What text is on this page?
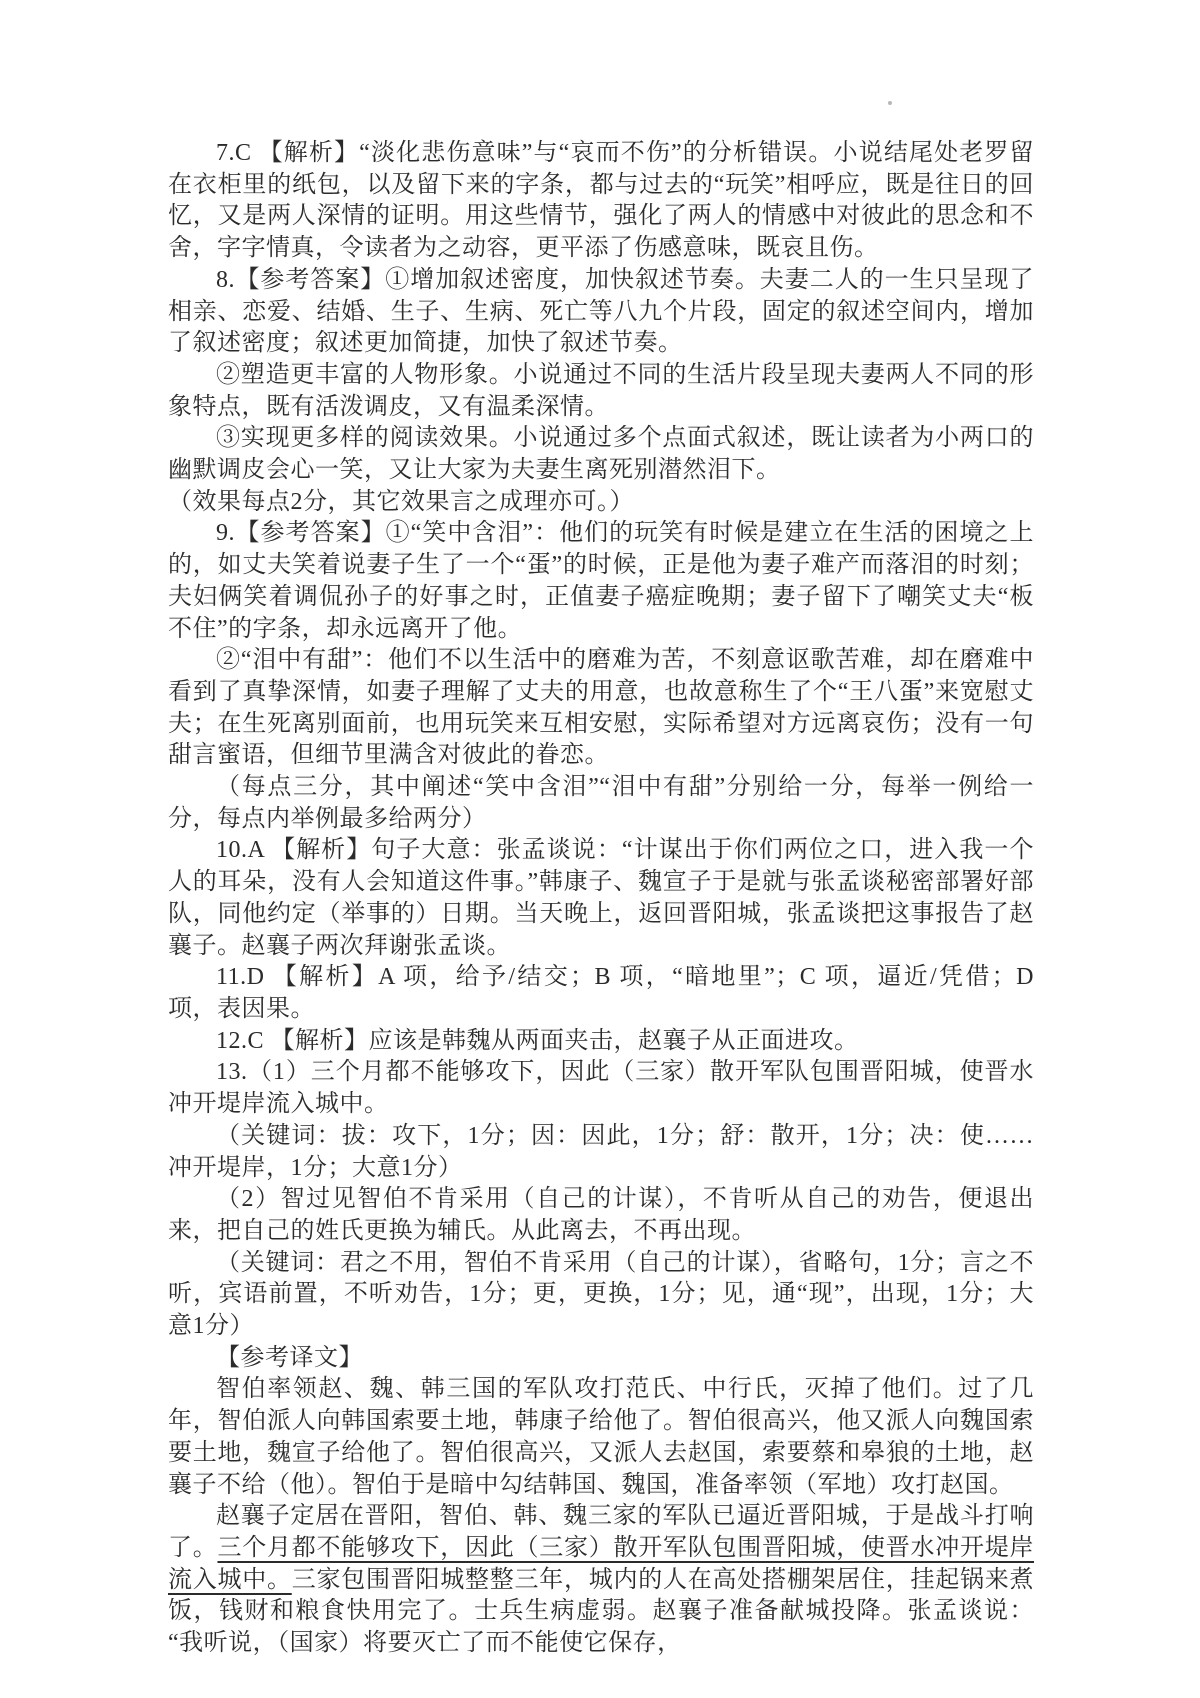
7.C 【解析】“淡化悲伤意味”与“哀而不伤”的分析错误。小说结尾处老罗留在衣柜里的纸包，以及留下来的字条，都与过去的“玩笑”相呼应，既是往日的回忆，又是两人深情的证明。用这些情节，强化了两人的情感中对彼此的思念和不舍，字字情真，令读者为之动容，更平添了伤感意味，既哀且伤。

8.【参考答案】①增加叙述密度，加快叙述节奏。夫妻二人的一生只呈现了相亲、恋爱、结婚、生子、生病、死亡等八九个片段，固定的叙述空间内，增加了叙述密度；叙述更加简捷，加快了叙述节奏。

②塑造更丰富的人物形象。小说通过不同的生活片段呈现夫妻两人不同的形象特点，既有活泼调皮，又有温柔深情。

③实现更多样的阅读效果。小说通过多个点面式叙述，既让读者为小两口的幽默调皮会心一笑，又让大家为夫妻生离死别潜然泪下。

（效果每点2分，其它效果言之成理亦可。）

9.【参考答案】①“笑中含泪”：他们的玩笑有时候是建立在生活的困境之上的，如丈夫笑着说妻子生了一个“蛋”的时候，正是他为妻子难产而落泪的时刻；夫妇俩笑着调侃孙子的好事之时，正值妻子癌症晚期；妻子留下了嘲笑丈夫“板不住”的字条，却永远离开了他。

②“泪中有甜”：他们不以生活中的磨难为苦，不刻意讴歌苦难，却在磨难中看到了真挚深情，如妻子理解了丈夫的用意，也故意称生了个“王八蛋”来宽慰丈夫；在生死离别面前，也用玩笑来互相安慰，实际希望对方远离哀伤；没有一句甜言蜜语，但细节里满含对彼此的眷恋。

（每点三分，其中阐述“笑中含泪”“泪中有甜”分别给一分，每举一例给一分，每点内举例最多给两分）

10.A 【解析】句子大意：张孟谈说：“计谋出于你们两位之口，进入我一个人的耳朵，没有人会知道这件事。”韩康子、魏宣子于是就与张孟谈秘密部署好部队，同他约定（举事的）日期。当天晚上，返回晋阳城，张孟谈把这事报告了赵襄子。赵襄子两次拜谢张孟谈。

11.D 【解析】A 项，给予/结交；B 项，“暗地里”；C 项，逼近/凭借；D 项，表因果。

12.C 【解析】应该是韩魏从两面夹击，赵襄子从正面进攻。

13.（1）三个月都不能够攻下，因此（三家）散开军队包围晋阳城，使晋水冲开堤岸流入城中。

（关键词：拔：攻下，1分；因：因此，1分；舒：散开，1分；决：使……冲开堤岸，1分；大意1分）

（2）智过见智伯不肯采用（自己的计谋），不肯听从自己的劝告，便退出来，把自己的姓氏更换为辅氏。从此离去，不再出现。

（关键词：君之不用，智伯不肯采用（自己的计谋），省略句，1分；言之不听，宾语前置，不听劝告，1分；更，更换，1分；见，通“现”，出现，1分；大意1分）

【参考译文】

智伯率领赵、魏、韩三国的军队攻打范氏、中行氏，灭掉了他们。过了几年，智伯派人向韩国索要土地，韩康子给他了。智伯很高兴，他又派人向魏国索要土地，魏宣子给他了。智伯很高兴，又派人去赵国，索要蔡和皋狼的土地，赵襄子不给（他）。智伯于是暗中勾结韩国、魏国，准备率领（军地）攻打赵国。

赵襄子定居在晋阳，智伯、韩、魏三家的军队已逼近晋阳城，于是战斗打响了。三个月都不能够攻下，因此（三家）散开军队包围晋阳城，使晋水冲开堤岸流入城中。三家包围晋阳城整整三年，城内的人在高处搭棚架居住，挂起锅来煮饭，钱财和粮食快用完了。士兵生病虚弱。赵襄子准备献城投降。张孟谈说：“我听说，（国家）将要灭亡了而不能使它保存，
